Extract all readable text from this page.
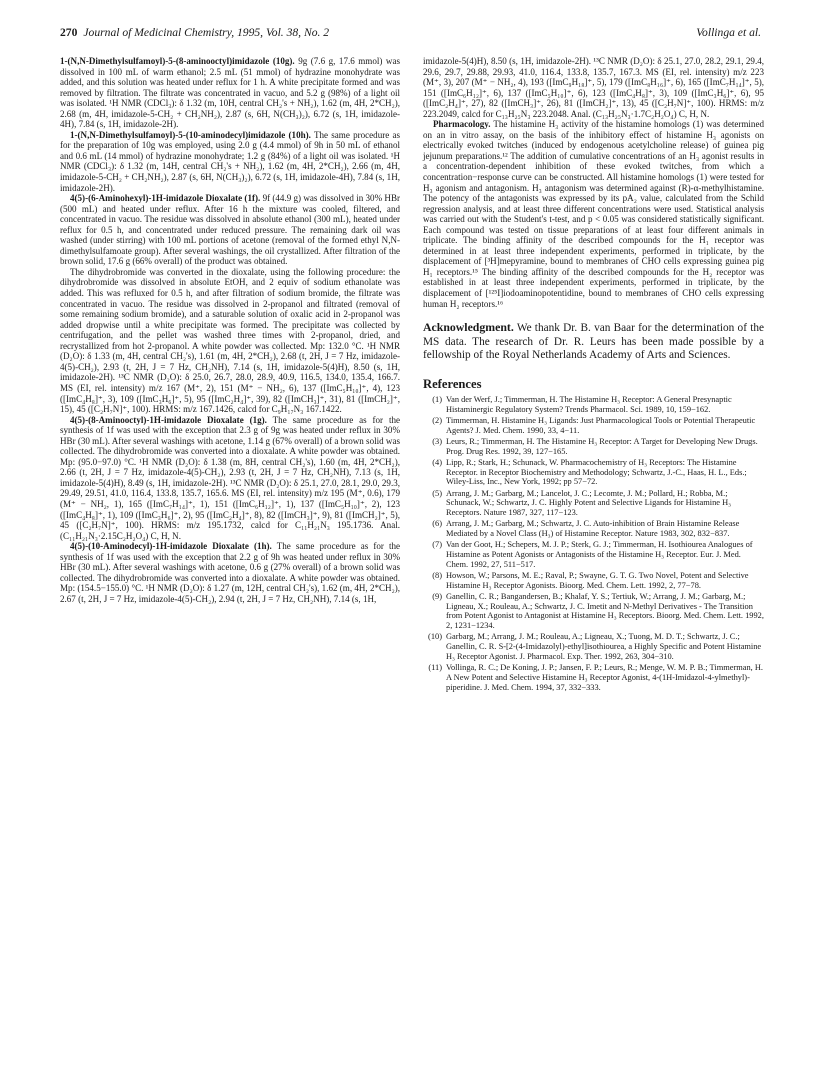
270 Journal of Medicinal Chemistry, 1995, Vol. 38, No. 2	Vollinga et al.

1-(N,N-Dimethylsulfamoyl)-5-(8-aminooctyl)imidazole (10g). 9g (7.6 g, 17.6 mmol) was dissolved in 100 mL of warm ethanol; 2.5 mL (51 mmol) of hydrazine monohydrate was added, and this solution was heated under reflux for 1 h. A white precipitate formed and was removed by filtration. The filtrate was concentrated in vacuo, and 5.2 g (98%) of a light oil was isolated. ¹H NMR (CDCl₃): δ 1.32 (m, 10H, central CH₂'s + NH₂), 1.62 (m, 4H, 2*CH₂), 2.68 (m, 4H, imidazole-5-CH₂ + CH₂NH₂), 2.87 (s, 6H, N(CH₃)₂), 6.72 (s, 1H, imidazole-4H), 7.84 (s, 1H, imidazole-2H).

1-(N,N-Dimethylsulfamoyl)-5-(10-aminodecyl)imidazole (10h). The same procedure as for the preparation of 10g was employed, using 2.0 g (4.4 mmol) of 9h in 50 mL of ethanol and 0.6 mL (14 mmol) of hydrazine monohydrate; 1.2 g (84%) of a light oil was isolated. ¹H NMR (CDCl₃): δ 1.32 (m, 14H, central CH₂'s + NH₂), 1.62 (m, 4H, 2*CH₂), 2.66 (m, 4H, imidazole-5-CH₂ + CH₂NH₂), 2.87 (s, 6H, N(CH₃)₂), 6.72 (s, 1H, imidazole-4H), 7.84 (s, 1H, imidazole-2H).

4(5)-(6-Aminohexyl)-1H-imidazole Dioxalate (1f). 9f (44.9 g) was dissolved in 30% HBr (500 mL) and heated under reflux. After 16 h the mixture was cooled, filtered, and concentrated in vacuo. The residue was dissolved in absolute ethanol (300 mL), heated under reflux for 0.5 h, and concentrated under reduced pressure. The remaining dark oil was washed (under stirring) with 100 mL portions of acetone (removal of the formed ethyl N,N-dimethylsulfamoate group). After several washings, the oil crystallized. After filtration of the brown solid, 17.6 g (66% overall) of the product was obtained.

The dihydrobromide was converted in the dioxalate, using the following procedure: the dihydrobromide was dissolved in absolute EtOH, and 2 equiv of sodium ethanolate was added. This was refluxed for 0.5 h, and after filtration of sodium bromide, the filtrate was concentrated in vacuo. The residue was dissolved in 2-propanol and filtrated (removal of some remaining sodium bromide), and a saturable solution of oxalic acid in 2-propanol was added dropwise until a white precipitate was formed. The precipitate was collected by centrifugation, and the pellet was washed three times with 2-propanol, dried, and recrystallized from hot 2-propanol. A white powder was collected. Mp: 132.0 °C. ¹H NMR (D₂O): δ 1.33 (m, 4H, central CH₂'s), 1.61 (m, 4H, 2*CH₂), 2.68 (t, 2H, J = 7 Hz, imidazole-4(5)-CH₂), 2.93 (t, 2H, J = 7 Hz, CH₂NH), 7.14 (s, 1H, imidazole-5(4)H), 8.50 (s, 1H, imidazole-2H). ¹³C NMR (D₂O): δ 25.0, 26.7, 28.0, 28.9, 40.9, 116.5, 134.0, 135.4, 166.7. MS (EI, rel. intensity) m/z 167 (M⁺, 2), 151 (M⁺ − NH₂, 6), 137 ([ImC₅H₁₀]⁺, 4), 123 ([ImC₄H₈]⁺, 3), 109 ([ImC₃H₆]⁺, 5), 95 ([ImC₂H₄]⁺, 39), 82 ([ImCH₃]⁺, 31), 81 ([ImCH₂]⁺, 15), 45 ([C₂H₇N]⁺, 100). HRMS: m/z 167.1426, calcd for C₉H₁₇N₃ 167.1422.

4(5)-(8-Aminooctyl)-1H-imidazole Dioxalate (1g). The same procedure as for the synthesis of 1f was used with the exception that 2.3 g of 9g was heated under reflux in 30% HBr (30 mL). After several washings with acetone, 1.14 g (67% overall) of a brown solid was collected. The dihydrobromide was converted into a dioxalate. A white powder was obtained. Mp: (95.0−97.0) °C. ¹H NMR (D₂O): δ 1.38 (m, 8H, central CH₂'s), 1.60 (m, 4H, 2*CH₂), 2.66 (t, 2H, J = 7 Hz, imidazole-4(5)-CH₂), 2.93 (t, 2H, J = 7 Hz, CH₂NH), 7.13 (s, 1H, imidazole-5(4)H), 8.49 (s, 1H, imidazole-2H). ¹³C NMR (D₂O): δ 25.1, 27.0, 28.1, 29.0, 29.3, 29.49, 29.51, 41.0, 116.4, 133.8, 135.7, 165.6. MS (EI, rel. intensity) m/z 195 (M⁺, 0.6), 179 (M⁺ − NH₂, 1), 165 ([ImC₇H₁₄]⁺, 1), 151 ([ImC₆H₁₂]⁺, 1), 137 ([ImC₅H₁₀]⁺, 2), 123 ([ImC₄H₈]⁺, 1), 109 ([ImC₃H₆]⁺, 2), 95 ([ImC₂H₄]⁺, 8), 82 ([ImCH₃]⁺, 9), 81 ([ImCH₂]⁺, 5), 45 ([C₂H₇N]⁺, 100). HRMS: m/z 195.1732, calcd for C₁₁H₂₁N₃ 195.1736. Anal. (C₁₁H₂₁N₃·2.15C₂H₂O₄) C, H, N.

4(5)-(10-Aminodecyl)-1H-imidazole Dioxalate (1h). The same procedure as for the synthesis of 1f was used with the exception that 2.2 g of 9h was heated under reflux in 30% HBr (30 mL). After several washings with acetone, 0.6 g (27% overall) of a brown solid was collected. The dihydrobromide was converted into a dioxalate. A white powder was obtained. Mp: (154.5−155.0) °C. ¹H NMR (D₂O): δ 1.27 (m, 12H, central CH₂'s), 1.62 (m, 4H, 2*CH₂), 2.67 (t, 2H, J = 7 Hz, imidazole-4(5)-CH₂), 2.94 (t, 2H, J = 7 Hz, CH₂NH), 7.14 (s, 1H,

imidazole-5(4)H), 8.50 (s, 1H, imidazole-2H). ¹³C NMR (D₂O): δ 25.1, 27.0, 28.2, 29.1, 29.4, 29.6, 29.7, 29.88, 29.93, 41.0, 116.4, 133.8, 135.7, 167.3. MS (EI, rel. intensity) m/z 223 (M⁺, 3), 207 (M⁺ − NH₂, 4), 193 ([ImC₉H₁₈]⁺, 5), 179 ([ImC₈H₁₆]⁺, 6), 165 ([ImC₇H₁₄]⁺, 5), 151 ([ImC₆H₁₂]⁺, 6), 137 ([ImC₅H₁₀]⁺, 6), 123 ([ImC₄H₈]⁺, 3), 109 ([ImC₃H₆]⁺, 6), 95 ([ImC₂H₄]⁺, 27), 82 ([ImCH₃]⁺, 26), 81 ([ImCH₂]⁺, 13), 45 ([C₂H₇N]⁺, 100). HRMS: m/z 223.2049, calcd for C₁₃H₂₅N₃ 223.2048. Anal. (C₁₃H₂₅N₃·1.7C₂H₂O₄) C, H, N.

Pharmacology. The histamine H₃ activity of the histamine homologs (1) was determined on an in vitro assay, on the basis of the inhibitory effect of histamine H₃ agonists on electrically evoked twitches (induced by endogenous acetylcholine release) of guinea pig jejunum preparations.¹² The addition of cumulative concentrations of an H₃ agonist results in a concentration-dependent inhibition of these evoked twitches, from which a concentration−response curve can be constructed. All histamine homologs (1) were tested for H₃ agonism and antagonism. H₃ antagonism was determined against (R)-α-methylhistamine. The potency of the antagonists was expressed by its pA₂ value, calculated from the Schild regression analysis, and at least three different concentrations were used. Statistical analysis was carried out with the Student's t-test, and p < 0.05 was considered statistically significant. Each compound was tested on tissue preparations of at least four different animals in triplicate. The binding affinity of the described compounds for the H₁ receptor was determined in at least three independent experiments, performed in triplicate, by the displacement of [³H]mepyramine, bound to membranes of CHO cells expressing guinea pig H₁ receptors.¹⁵ The binding affinity of the described compounds for the H₂ receptor was established in at least three independent experiments, performed in triplicate, by the displacement of [¹²⁵I]iodoaminopotentidine, bound to membranes of CHO cells expressing human H₂ receptors.¹⁶

Acknowledgment. We thank Dr. B. van Baar for the determination of the MS data. The research of Dr. R. Leurs has been made possible by a fellowship of the Royal Netherlands Academy of Arts and Sciences.

References
(1) Van der Werf, J.; Timmerman, H. The Histamine H₃ Receptor: A General Presynaptic Histaminergic Regulatory System? Trends Pharmacol. Sci. 1989, 10, 159−162.
(2) Timmerman, H. Histamine H₃ Ligands: Just Pharmacological Tools or Potential Therapeutic Agents? J. Med. Chem. 1990, 33, 4−11.
(3) Leurs, R.; Timmerman, H. The Histamine H₃ Receptor: A Target for Developing New Drugs. Prog. Drug Res. 1992, 39, 127−165.
(4) Lipp, R.; Stark, H.; Schunack, W. Pharmacochemistry of H₃ Receptors: The Histamine Receptor. in Receptor Biochemistry and Methodology; Schwartz, J.-C., Haas, H. L., Eds.; Wiley-Liss, Inc., New York, 1992; pp 57−72.
(5) Arrang, J. M.; Garbarg, M.; Lancelot, J. C.; Lecomte, J. M.; Pollard, H.; Robba, M.; Schunack, W.; Schwartz, J. C. Highly Potent and Selective Ligands for Histamine H₃ Receptors. Nature 1987, 327, 117−123.
(6) Arrang, J. M.; Garbarg, M.; Schwartz, J. C. Auto-inhibition of Brain Histamine Release Mediated by a Novel Class (H₃) of Histamine Receptor. Nature 1983, 302, 832−837.
(7) Van der Goot, H.; Schepers, M. J. P.; Sterk, G. J.; Timmerman, H. Isothiourea Analogues of Histamine as Potent Agonists or Antagonists of the Histamine H₃ Receptor. Eur. J. Med. Chem. 1992, 27, 511−517.
(8) Howson, W.; Parsons, M. E.; Raval, P.; Swayne, G. T. G. Two Novel, Potent and Selective Histamine H₃ Receptor Agonists. Bioorg. Med. Chem. Lett. 1992, 2, 77−78.
(9) Ganellin, C. R.; Bangandersen, B.; Khalaf, Y. S.; Tertiuk, W.; Arrang, J. M.; Garbarg, M.; Ligneau, X.; Rouleau, A.; Schwartz, J. C. Imetit and N-Methyl Derivatives - The Transition from Potent Agonist to Antagonist at Histamine H₃ Receptors. Bioorg. Med. Chem. Lett. 1992, 2, 1231−1234.
(10) Garbarg, M.; Arrang, J. M.; Rouleau, A.; Ligneau, X.; Tuong, M. D. T.; Schwartz, J. C.; Ganellin, C. R. S-[2-(4-Imidazolyl)-ethyl]isothiourea, a Highly Specific and Potent Histamine H₃ Receptor Agonist. J. Pharmacol. Exp. Ther. 1992, 263, 304−310.
(11) Vollinga, R. C.; De Koning, J. P.; Jansen, F. P.; Leurs, R.; Menge, W. M. P. B.; Timmerman, H. A New Potent and Selective Histamine H₃ Receptor Agonist, 4-(1H-Imidazol-4-ylmethyl)-piperidine. J. Med. Chem. 1994, 37, 332−333.
